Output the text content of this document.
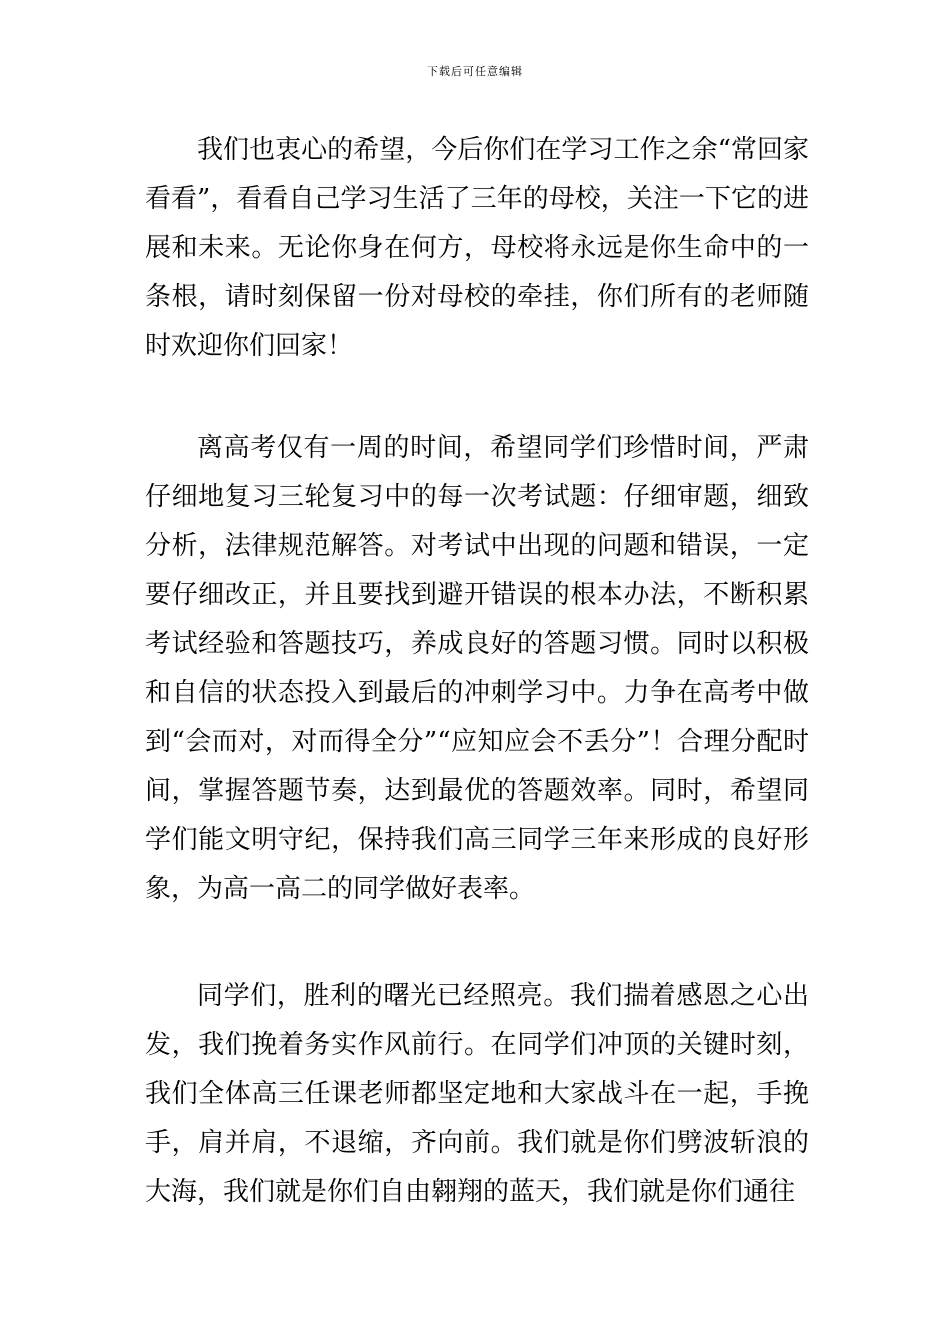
下载后可任意编辑

我们也衷心的希望，今后你们在学习工作之余“常回家看看”，看看自己学习生活了三年的母校，关注一下它的进展和未来。无论你身在何方，母校将永远是你生命中的一条根，请时刻保留一份对母校的牵挂，你们所有的老师随时欢迎你们回家！

离高考仅有一周的时间，希望同学们珍惜时间，严肃仔细地复习三轮复习中的每一次考试题：仔细审题，细致分析，法律规范解答。对考试中出现的问题和错误，一定要仔细改正，并且要找到避开错误的根本办法，不断积累考试经验和答题技巧，养成良好的答题习惯。同时以积极和自信的状态投入到最后的冲刺学习中。力争在高考中做到“会而对，对而得全分”“应知应会不丢分”！合理分配时间，掌握答题节奏，达到最优的答题效率。同时，希望同学们能文明守纪，保持我们高三同学三年来形成的良好形象，为高一高二的同学做好表率。

同学们，胜利的曙光已经照亮。我们揣着感恩之心出发，我们挽着务实作风前行。在同学们冲顶的关键时刻，我们全体高三任课老师都坚定地和大家战斗在一起，手挽手，肩并肩，不退缩，齐向前。我们就是你们劈波斩浪的大海，我们就是你们自由翱翔的蓝天，我们就是你们通往
